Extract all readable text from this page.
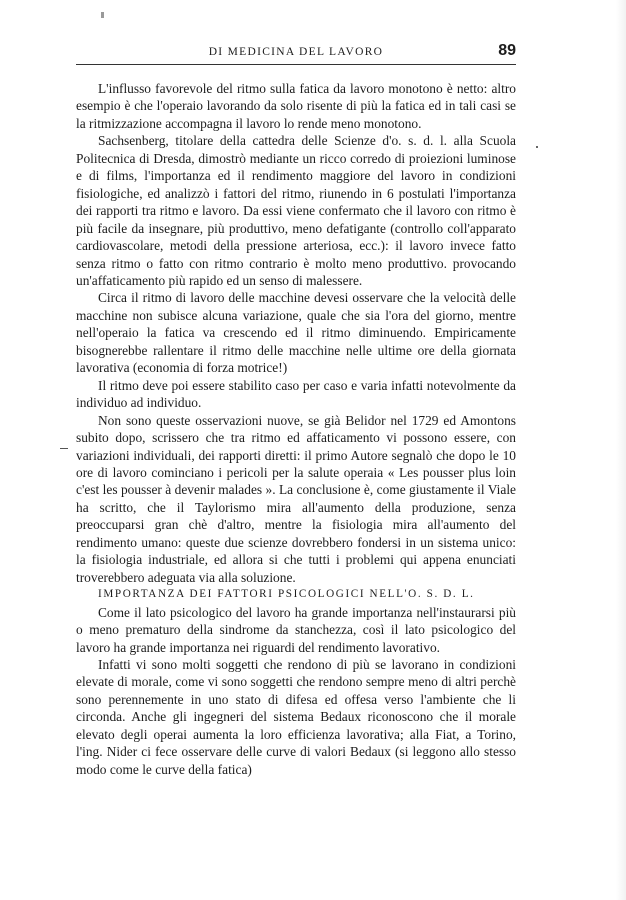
DI MEDICINA DEL LAVORO	89

L'influsso favorevole del ritmo sulla fatica da lavoro monotono è netto: altro esempio è che l'operaio lavorando da solo risente di più la fatica ed in tali casi se la ritmizzazione accompagna il lavoro lo rende meno monotono.

Sachsenberg, titolare della cattedra delle Scienze d'o. s. d. l. alla Scuola Politecnica di Dresda, dimostrò mediante un ricco corredo di proiezioni luminose e di films, l'importanza ed il rendimento maggiore del lavoro in condizioni fisiologiche, ed analizzò i fattori del ritmo, riunendo in 6 postulati l'importanza dei rapporti tra ritmo e lavoro. Da essi viene confermato che il lavoro con ritmo è più facile da insegnare, più produttivo, meno defatigante (controllo coll'apparato cardiovascolare, metodi della pressione arteriosa, ecc.): il lavoro invece fatto senza ritmo o fatto con ritmo contrario è molto meno produttivo. provocando un'affaticamento più rapido ed un senso di malessere.

Circa il ritmo di lavoro delle macchine devesi osservare che la velocità delle macchine non subisce alcuna variazione, quale che sia l'ora del giorno, mentre nell'operaio la fatica va crescendo ed il ritmo diminuendo. Empiricamente bisognerebbe rallentare il ritmo delle macchine nelle ultime ore della giornata lavorativa (economia di forza motrice!)

Il ritmo deve poi essere stabilito caso per caso e varia infatti notevolmente da individuo ad individuo.

Non sono queste osservazioni nuove, se già Belidor nel 1729 ed Amontons subito dopo, scrissero che tra ritmo ed affaticamento vi possono essere, con variazioni individuali, dei rapporti diretti: il primo Autore segnalò che dopo le 10 ore di lavoro cominciano i pericoli per la salute operaia « Les pousser plus loin c'est les pousser à devenir malades ». La conclusione è, come giustamente il Viale ha scritto, che il Taylorismo mira all'aumento della produzione, senza preoccuparsi gran chè d'altro, mentre la fisiologia mira all'aumento del rendimento umano: queste due scienze dovrebbero fondersi in un sistema unico: la fisiologia industriale, ed allora si che tutti i problemi qui appena enunciati troverebbero adeguata via alla soluzione.

IMPORTANZA DEI FATTORI PSICOLOGICI NELL'O. S. D. L.

Come il lato psicologico del lavoro ha grande importanza nell'instaurarsi più o meno prematuro della sindrome da stanchezza, così il lato psicologico del lavoro ha grande importanza nei riguardi del rendimento lavorativo.

Infatti vi sono molti soggetti che rendono di più se lavorano in condizioni elevate di morale, come vi sono soggetti che rendono sempre meno di altri perchè sono perennemente in uno stato di difesa ed offesa verso l'ambiente che li circonda. Anche gli ingegneri del sistema Bedaux riconoscono che il morale elevato degli operai aumenta la loro efficienza lavorativa; alla Fiat, a Torino, l'ing. Nider ci fece osservare delle curve di valori Bedaux (si leggono allo stesso modo come le curve della fatica)
